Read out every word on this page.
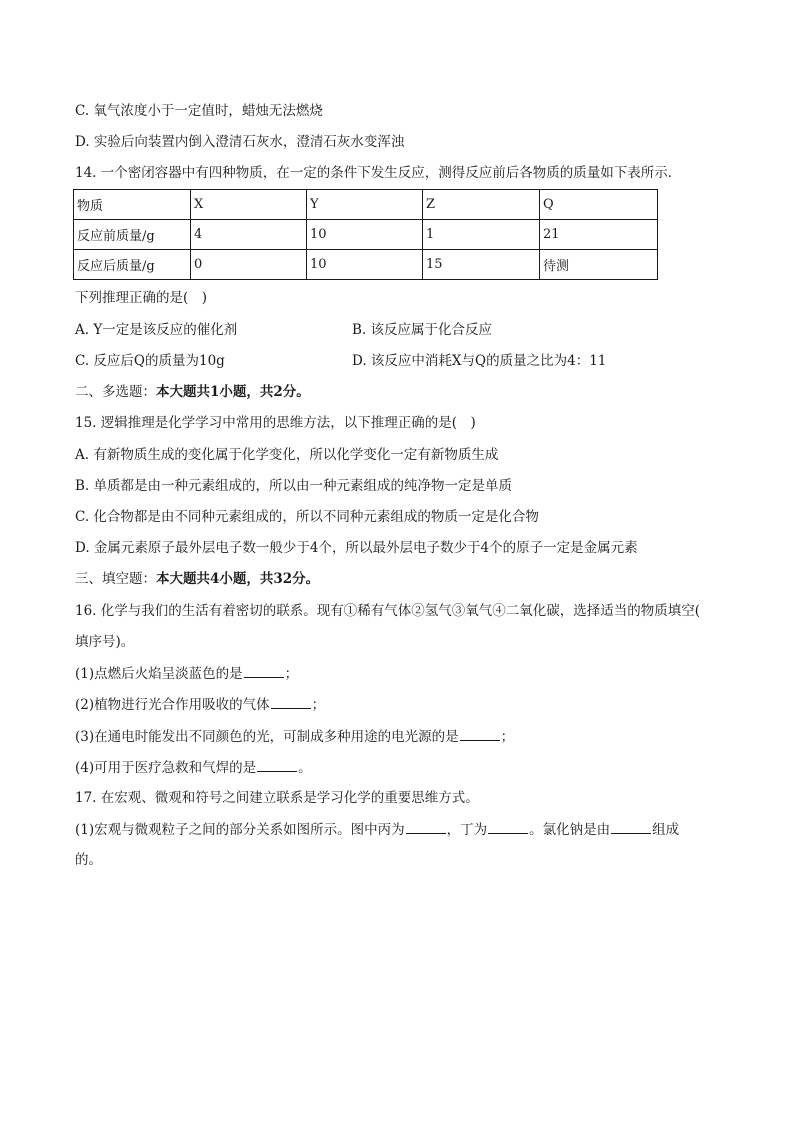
C. 氧气浓度小于一定值时，蜡烛无法燃烧
D. 实验后向装置内倒入澄清石灰水，澄清石灰水变浑浊
14. 一个密闭容器中有四种物质，在一定的条件下发生反应，测得反应前后各物质的质量如下表所示．
物质	X	Y	Z	Q
反应前质量/g	4	10	1	21
反应后质量/g	0	10	15	待测
下列推理正确的是(　)
A. Y一定是该反应的催化剂	B. 该反应属于化合反应
C. 反应后Q的质量为10g	D. 该反应中消耗X与Q的质量之比为4：11
二、多选题：本大题共1小题，共2分。
15. 逻辑推理是化学学习中常用的思维方法，以下推理正确的是(　)
A. 有新物质生成的变化属于化学变化，所以化学变化一定有新物质生成
B. 单质都是由一种元素组成的，所以由一种元素组成的纯净物一定是单质
C. 化合物都是由不同种元素组成的，所以不同种元素组成的物质一定是化合物
D. 金属元素原子最外层电子数一般少于4个，所以最外层电子数少于4个的原子一定是金属元素
三、填空题：本大题共4小题，共32分。
16. 化学与我们的生活有着密切的联系。现有①稀有气体②氢气③氧气④二氧化碳，选择适当的物质填空(
填序号)。
(1)点燃后火焰呈淡蓝色的是	；
(2)植物进行光合作用吸收的气体	；
(3)在通电时能发出不同颜色的光，可制成多种用途的电光源的是	；
(4)可用于医疗急救和气焊的是	。
17. 在宏观、微观和符号之间建立联系是学习化学的重要思维方式。
(1)宏观与微观粒子之间的部分关系如图所示。图中丙为	，丁为	。氯化钠是由	组成
的。
